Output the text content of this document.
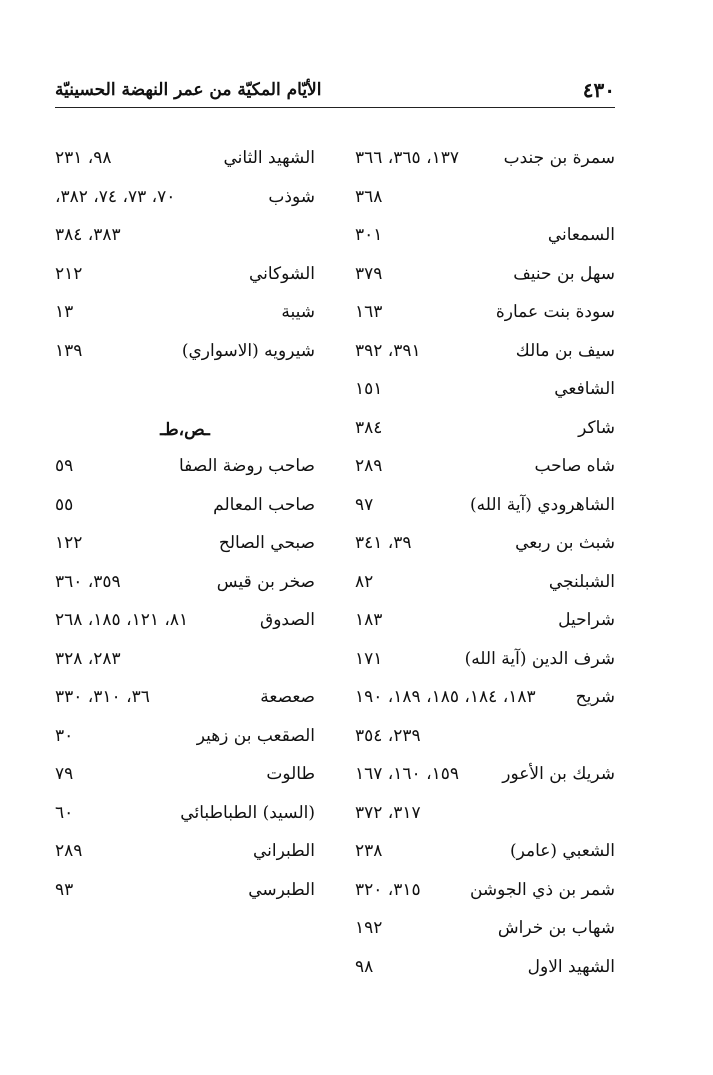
٤٣٠
الأيّام المكيّة من عمر النهضة الحسينيّة
سمرة بن جندب
١٣٧، ٣٦٥، ٣٦٦
٣٦٨
السمعاني
٣٠١
سهل بن حنيف
٣٧٩
سودة بنت عمارة
١٦٣
سيف بن مالك
٣٩١، ٣٩٢
الشافعي
١٥١
شاكر
٣٨٤
شاه صاحب
٢٨٩
الشاهرودي (آية الله)
٩٧
شبث بن ربعي
٣٩، ٣٤١
الشبلنجي
٨٢
شراحيل
١٨٣
شرف الدين (آية الله)
١٧١
شريح
١٨٣، ١٨٤، ١٨٥، ١٨٩، ١٩٠
٢٣٩، ٣٥٤
شريك بن الأعور
١٥٩، ١٦٠، ١٦٧
٣١٧، ٣٧٢
الشعبي (عامر)
٢٣٨
شمر بن ذي الجوشن
٣١٥، ٣٢٠
شهاب بن خراش
١٩٢
الشهيد الاول
٩٨
الشهيد الثاني
٩٨، ٢٣١
شوذب
٧٠، ٧٣، ٧٤، ٣٨٢،
٣٨٣، ٣٨٤
الشوكاني
٢١٢
شيبة
١٣
شيرويه (الاسواري)
١٣٩
ـص،طـ
صاحب روضة الصفا
٥٩
صاحب المعالم
٥٥
صبحي الصالح
١٢٢
صخر بن قيس
٣٥٩، ٣٦٠
الصدوق
٨١، ١٢١، ١٨٥، ٢٦٨
٢٨٣، ٣٢٨
صعصعة
٣٦، ٣١٠، ٣٣٠
الصقعب بن زهير
٣٠
طالوت
٧٩
(السيد) الطباطبائي
٦٠
الطبراني
٢٨٩
الطبرسي
٩٣
